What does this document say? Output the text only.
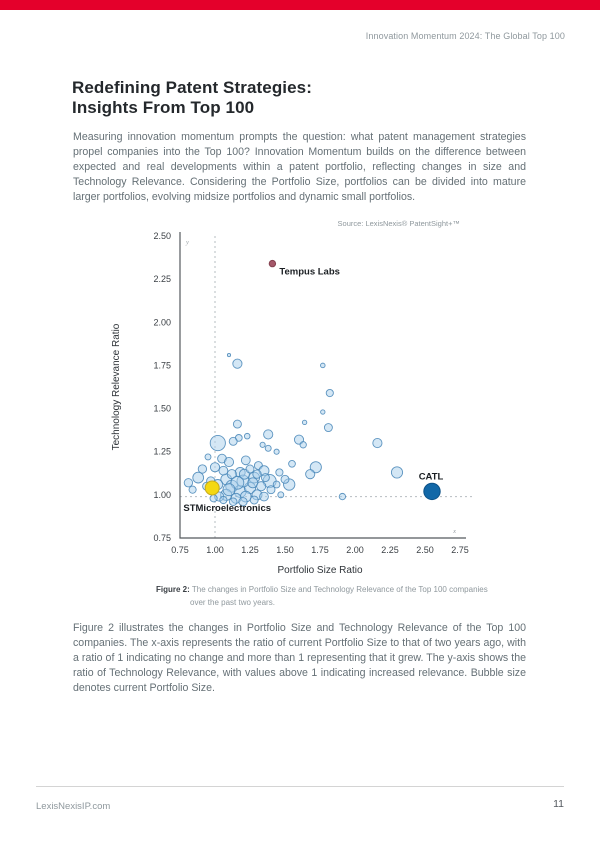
Innovation Momentum 2024: The Global Top 100
Redefining Patent Strategies:
Insights From Top 100
Measuring innovation momentum prompts the question: what patent management strategies propel companies into the Top 100? Innovation Momentum builds on the difference between expected and real developments within a patent portfolio, reflecting changes in size and Technology Relevance. Considering the Portfolio Size, portfolios can be divided into mature larger portfolios, evolving midsize portfolios and dynamic small portfolios.
Source: LexisNexis® PatentSight+™
0.75
1.00
1.25
1.50
1.75
2.00
2.25
2.50
0.75 1.00 1.25 1.50 1.75 2.00 2.25 2.50 2.75
y
x
Portfolio Size Ratio
Technology Relevance Ratio
Tempus Labs
CATL
STMicroelectronics
Figure 2: The changes in Portfolio Size and Technology Relevance of the Top 100 companies over the past two years.
Figure 2 illustrates the changes in Portfolio Size and Technology Relevance of the Top 100 companies. The x-axis represents the ratio of current Portfolio Size to that of two years ago, with a ratio of 1 indicating no change and more than 1 representing that it grew. The y-axis shows the ratio of Technology Relevance, with values above 1 indicating increased relevance. Bubble size denotes current Portfolio Size.
LexisNexisIP.com	11
